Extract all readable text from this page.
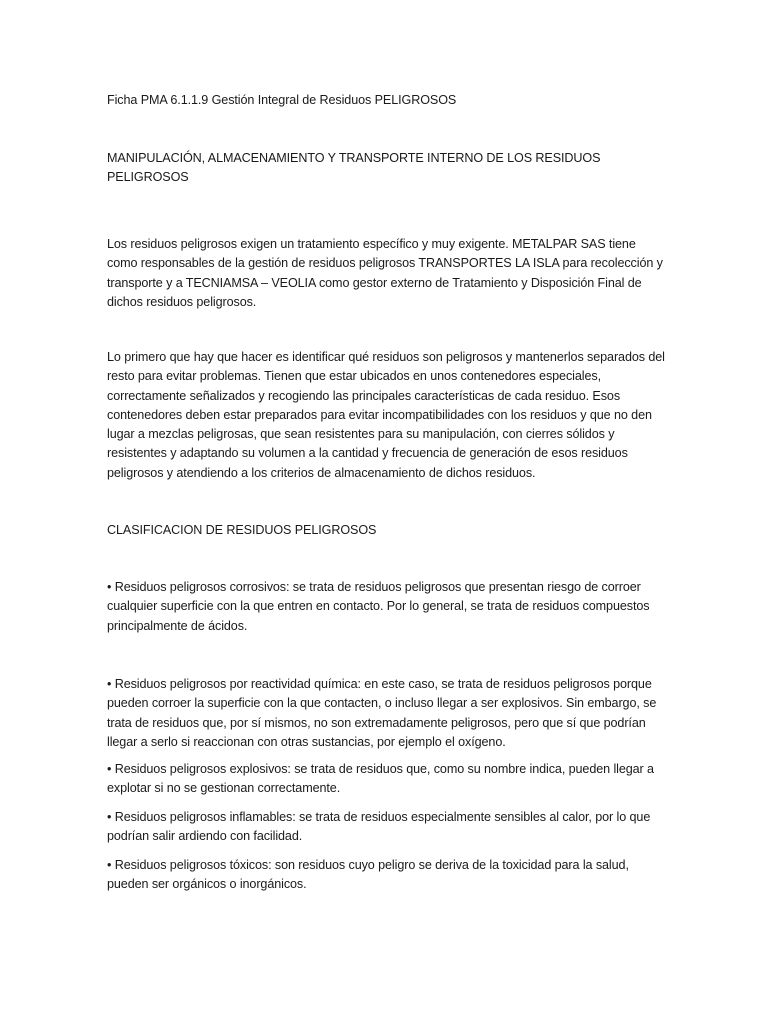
Ficha PMA 6.1.1.9 Gestión Integral de Residuos PELIGROSOS

MANIPULACIÓN, ALMACENAMIENTO Y TRANSPORTE INTERNO DE LOS RESIDUOS PELIGROSOS

Los residuos peligrosos exigen un tratamiento específico y muy exigente. METALPAR SAS tiene como responsables de la gestión de residuos peligrosos TRANSPORTES LA ISLA para recolección y transporte y a TECNIAMSA – VEOLIA como gestor externo de Tratamiento y Disposición Final de dichos residuos peligrosos.

Lo primero que hay que hacer es identificar qué residuos son peligrosos y mantenerlos separados del resto para evitar problemas. Tienen que estar ubicados en unos contenedores especiales, correctamente señalizados y recogiendo las principales características de cada residuo. Esos contenedores deben estar preparados para evitar incompatibilidades con los residuos y que no den lugar a mezclas peligrosas, que sean resistentes para su manipulación, con cierres sólidos y resistentes y adaptando su volumen a la cantidad y frecuencia de generación de esos residuos peligrosos y atendiendo a los criterios de almacenamiento de dichos residuos.

CLASIFICACION DE RESIDUOS PELIGROSOS

• Residuos peligrosos corrosivos: se trata de residuos peligrosos que presentan riesgo de corroer cualquier superficie con la que entren en contacto. Por lo general, se trata de residuos compuestos principalmente de ácidos.

• Residuos peligrosos por reactividad química: en este caso, se trata de residuos peligrosos porque pueden corroer la superficie con la que contacten, o incluso llegar a ser explosivos. Sin embargo, se trata de residuos que, por sí mismos, no son extremadamente peligrosos, pero que sí que podrían llegar a serlo si reaccionan con otras sustancias, por ejemplo el oxígeno.

• Residuos peligrosos explosivos: se trata de residuos que, como su nombre indica, pueden llegar a explotar si no se gestionan correctamente.

• Residuos peligrosos inflamables: se trata de residuos especialmente sensibles al calor, por lo que podrían salir ardiendo con facilidad.

• Residuos peligrosos tóxicos: son residuos cuyo peligro se deriva de la toxicidad para la salud, pueden ser orgánicos o inorgánicos.
